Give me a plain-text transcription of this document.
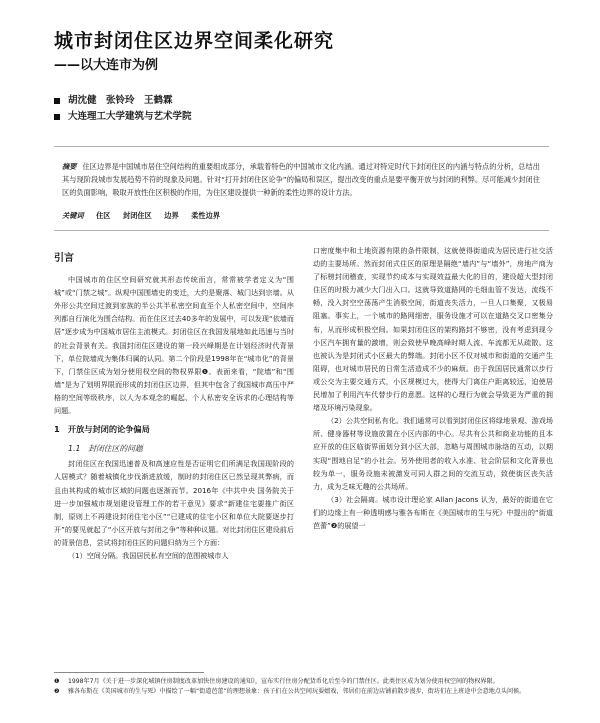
城市封闭住区边界空间柔化研究
——以大连市为例
胡沈健　张铃玲　王鹤霖
大连理工大学建筑与艺术学院
摘要 住区边界是中国城市居住空间结构的重要组成部分，承载着特色的中国城市文化内涵。通过对特定时代下封闭住区的内涵与特点的分析，总结出其与现阶段城市发展趋势不符的现象及问题。针对“打开封闭住区论争”的偏局和误区，提出改变的重点是要平衡开放与封闭的利弊。尽可能减少封闭住区的负面影响，吸取开放性住区积极的作用，为住区建设提供一种新的柔性边界的设计方法。
关键词 住区 封闭住区 边界 柔性边界
引言

中国城市的住区空间研究就其形态传统而言，常常被学者定义为“围城”或“门禁之城”。纵观中国围墙史的变迁，大约是聚落、城门达到宗墙。从外形公共空间过渡到家族的半公共半私密空间直至个人私密空间中，空间序列都自行演化为围合结构。而在住区过去40多年的发展中，可以发现“依墙而居”逐步成为中国城市居住主流模式。封闭住区在我国发展地如此迅速与当时的社会背景有关。我国封闭住区建设的第一段兴峰期是在计划经济时代背景下，单位院墙成为集体归属的认同。第二个阶段是1998年在“城市化”的背景下，门禁住区成为划分使用权空间的物权界限❶。表面来看，“院墙”和“围墙”是为了划明界限而形成的封闭住区边界，但其中包含了我国城市高压中严格的空间等级秩序，以人为本观念的崛起、个人私密安全诉求的心理结构等问题。

1　开放与封闭的论争偏局
1.1　封闭住区的问题

封闭住区在我国迅速普及和高速应性是否证明它们所满足我国现阶段的人居模式？随着城镇化步伐渐进放缓，制时的封闭住区已然呈现其弊病，而且由其构成的城市区域的问题也逐渐而节。2016年《中共中央 国务院关于进一步加强城市规划建设管理工作的若干意见》要求“新建住宅要推广街区制，原则上不再建设封闭住宅小区”“已建成的住宅小区和单位大院要逐步打开”的要见就起了“小区开放与封闭之争”等种种议题。对比封闭住区建设前后的背景信息，尝试将封闭住区的问题归纳为三个方面：

（1）空间分隔。我国居民私有空间的范围被城市人

口密度集中和土地资源有限的条件限制，这就使得街道成为居民进行社交活动的主要场所。然而封闭式住区的原理是隔绝“墙内”与“墙外”，房地产商为了标榜封闭稽查，实现节约成本与实现效益最大化的目的，建设超大型封闭住区的时极力减少大门出入口。这就导致道路网的毛细血管不发达，流线不畅，没入封空空荡荡产生消极空间，街道丧失活力，一旦人口集聚，又极易阻塞。事实上，一个城市的路网细密，服务设施才可以在道路交叉口密集分布，从而形成积极空间。如果封闭住区的架构路封不够密，没有考虑到现今小区汽车拥有量的激增，则会致使早晚高峰时期人流、车流都无从疏散。这也被认为是封闭式小区最大的弊端。封闭小区不仅对城市和街道的交通产生阻碍，也对城市居民的日常生活造成不少的麻烦。由于我国居民通常以步行或公交为主要交通方式，小区规模过大，使得大门离住户距离较远，迫使居民增加了利用汽车代替步行的意愿。这样的心理行为就会导致更为严重的拥堵及环境污染现象。

（2）公共空间私有化。我们通常可以看到封闭住区将绿地景观、游戏场所、健身器材等设施放置在小区内部的中心。尽共有公共和商业功能的且本应开放的住区临街界面划分到小区大部，忽略与周围城市脉络的互动，以期实现“围地自足”的小社会。另外使用者的收入水准、社会阶层和文化背景也较为单一，服务设施未被激发可同人群之间的交流互动，致使街区丧失活力，成为乏味无趣的公共场所。

（3）社会隔离。城市设计理论家 Allan Jacons 认为，最好的街道在它们的边缘上有一种透明感与雅各布斯在《美国城市的生与死》中提出的“街道芭蕾”❷的展望一

❶ 1998年7月《关于进一步深化城镇住房制度改革加快住房建设的通知》，宣布实行住房分配货币化后至今的门禁住区。此类住区成为划分使用权空间的物权界限。
❷ 雅各布斯在《美国城市的生与死》中描绘了一幅“街道芭蕾”的理想景象：孩子们在公共空间玩耍嬉戏，邻居们在前边店铺前散步漫步，街坊们在上班途中会意地点头问候。
